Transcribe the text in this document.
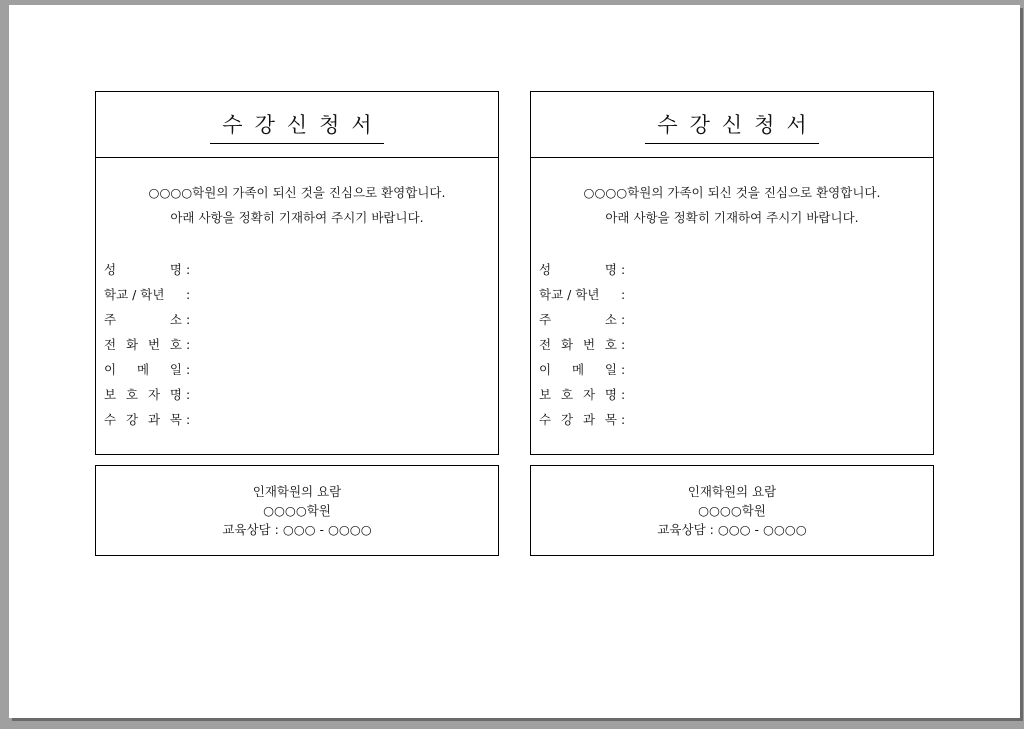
수강신청서
○○○○학원의 가족이 되신 것을 진심으로 환영합니다.
아래 사항을 정확히 기재하여 주시기 바랍니다.
성	명 :
학교 / 학년 :
주	소 :
전 화 번 호 :
이 메 일 :
보 호 자 명 :
수 강 과 목 :
인재학원의 요람
○○○○학원
교육상담 : ○○○ - ○○○○
수강신청서
○○○○학원의 가족이 되신 것을 진심으로 환영합니다.
아래 사항을 정확히 기재하여 주시기 바랍니다.
성	명 :
학교 / 학년 :
주	소 :
전 화 번 호 :
이 메 일 :
보 호 자 명 :
수 강 과 목 :
인재학원의 요람
○○○○학원
교육상담 : ○○○ - ○○○○
